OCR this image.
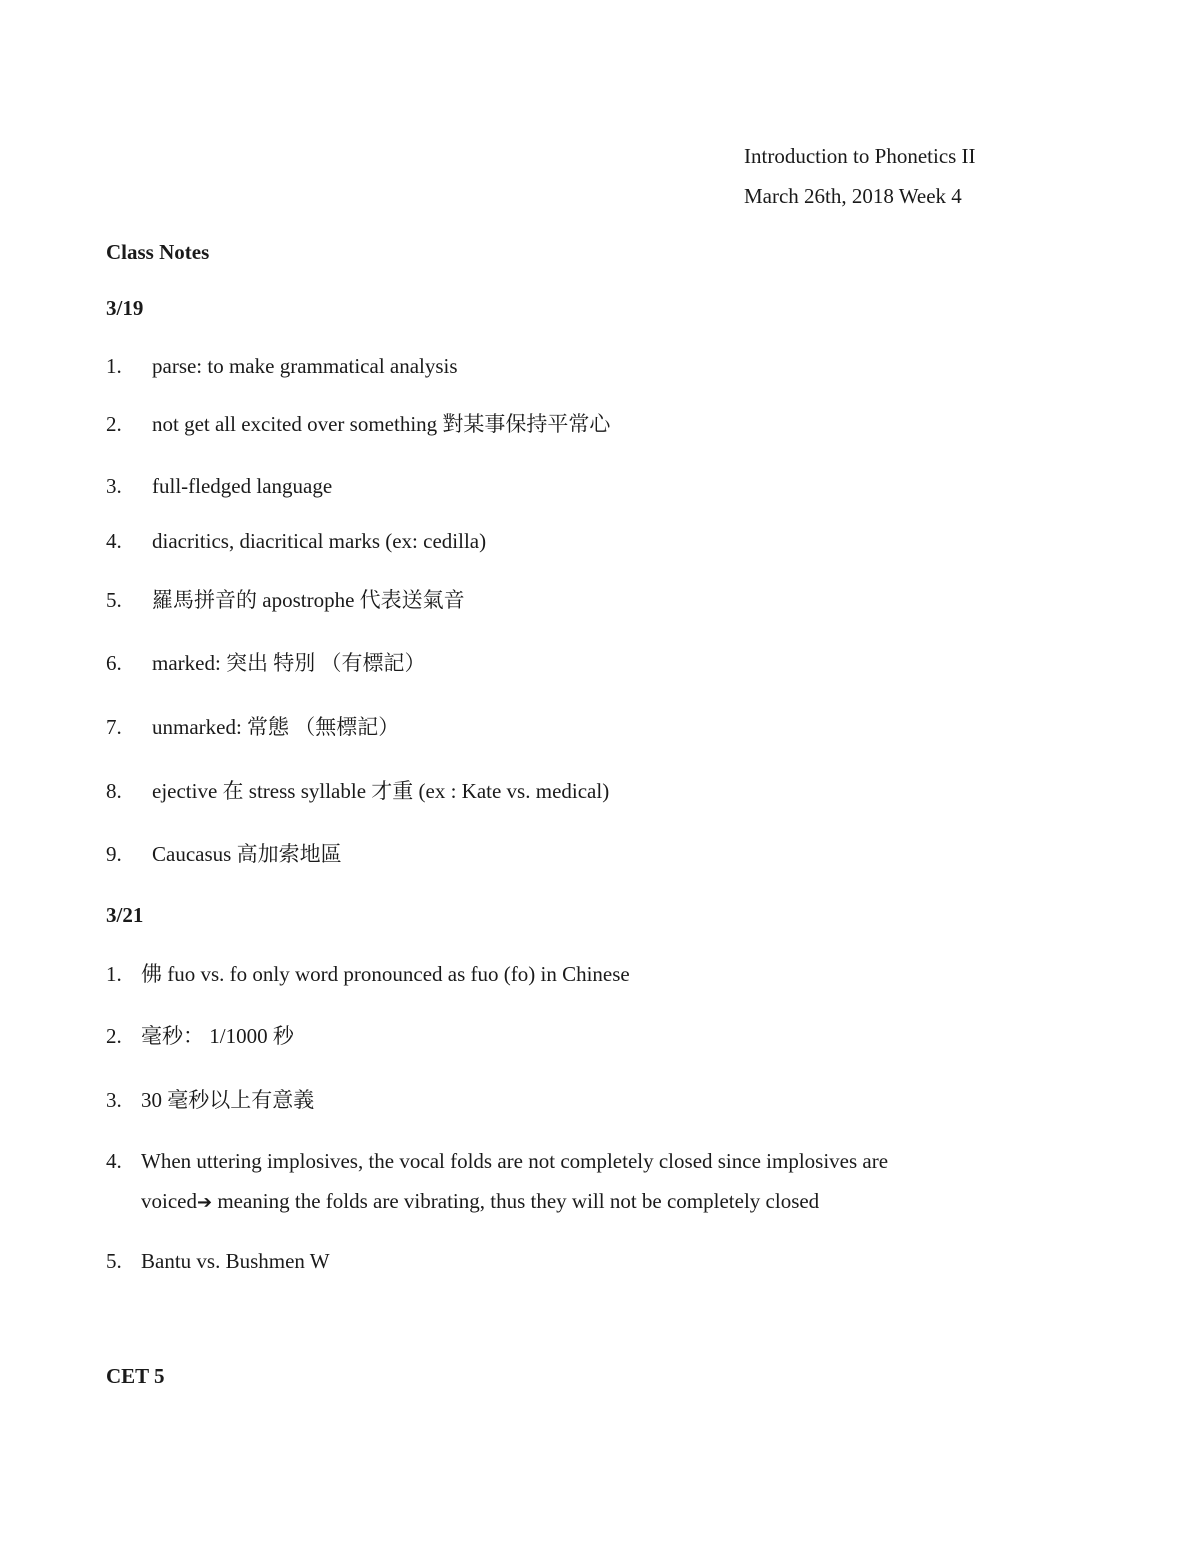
Introduction to Phonetics II
March 26th, 2018 Week 4
Class Notes
3/19
1. parse: to make grammatical analysis
2. not get all excited over something 對某事保持平常心
3. full-fledged language
4. diacritics, diacritical marks (ex: cedilla)
5. 羅馬拼音的 apostrophe 代表送氣音
6. marked: 突出 特別 （有標記）
7. unmarked: 常態 （無標記）
8. ejective 在 stress syllable 才重 (ex : Kate vs. medical)
9. Caucasus 高加索地區
3/21
1. 佛 fuo vs. fo only word pronounced as fuo (fo) in Chinese
2. 毫秒： 1/1000 秒
3. 30 毫秒以上有意義
4. When uttering implosives, the vocal folds are not completely closed since implosives are
voiced➔ meaning the folds are vibrating, thus they will not be completely closed
5. Bantu vs. Bushmen W
CET 5
